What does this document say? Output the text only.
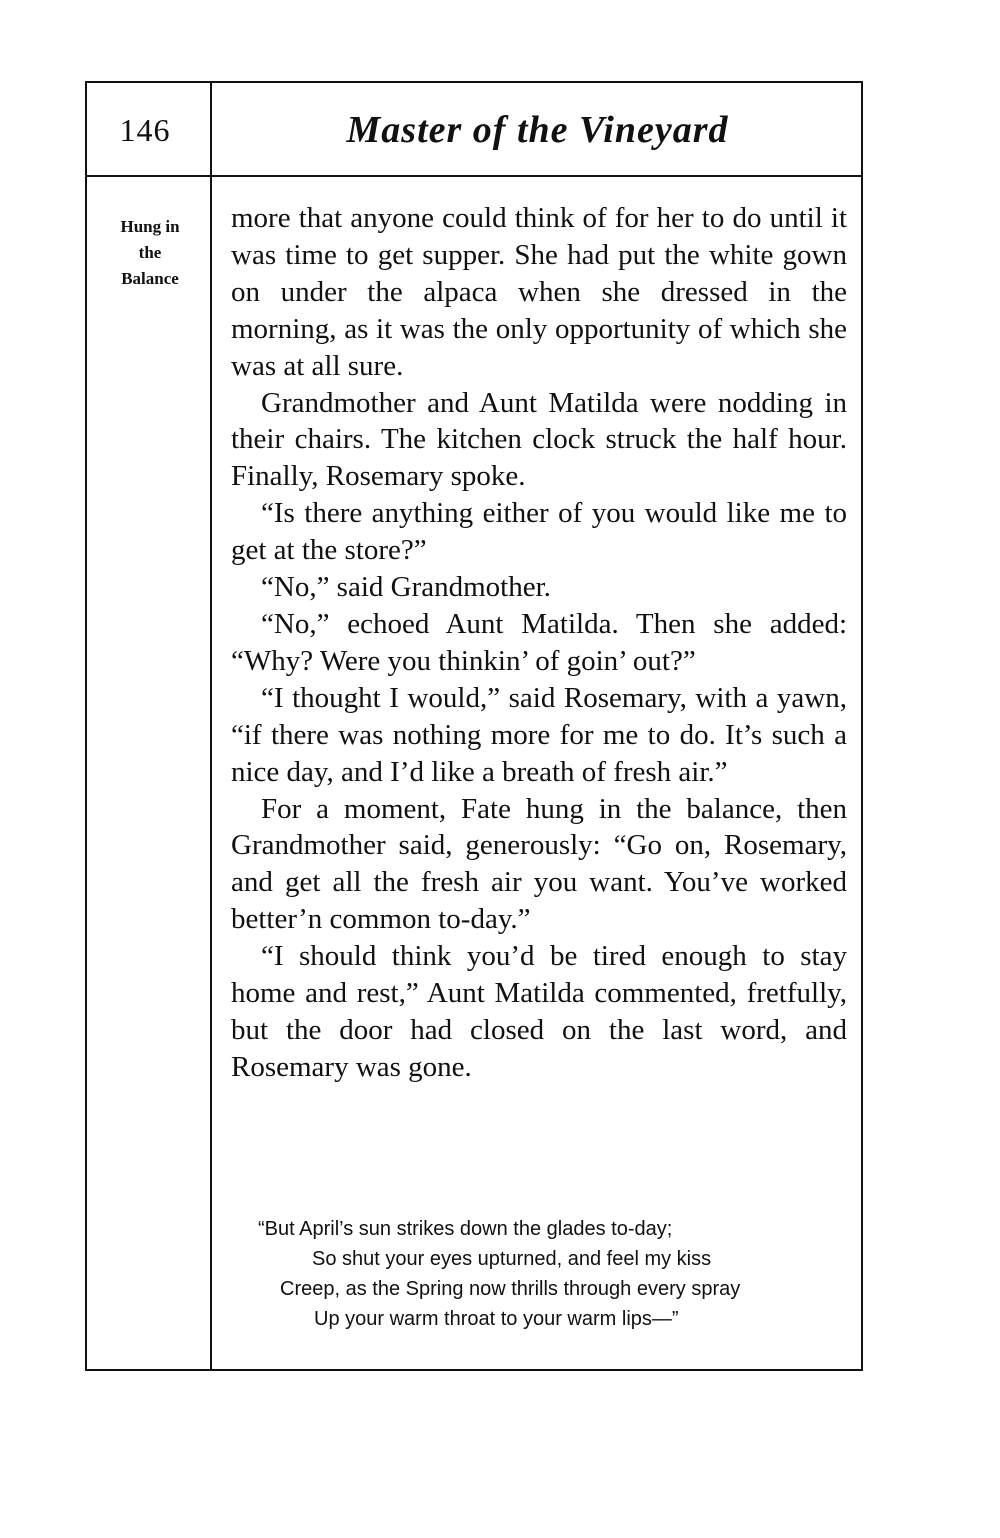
146	Master of the Vineyard
Hung in
the
Balance

more that anyone could think of for her to do until it was time to get supper. She had put the white gown on under the alpaca when she dressed in the morning, as it was the only opportunity of which she was at all sure.

Grandmother and Aunt Matilda were nodding in their chairs. The kitchen clock struck the half hour. Finally, Rosemary spoke.

“Is there anything either of you would like me to get at the store?”

“No,” said Grandmother.

“No,” echoed Aunt Matilda. Then she added: “Why? Were you thinkin’ of goin’ out?”

“I thought I would,” said Rosemary, with a yawn, “if there was nothing more for me to do. It’s such a nice day, and I’d like a breath of fresh air.”

For a moment, Fate hung in the balance, then Grandmother said, generously: “Go on, Rosemary, and get all the fresh air you want. You’ve worked better’n common to-day.”

“I should think you’d be tired enough to stay home and rest,” Aunt Matilda commented, fretfully, but the door had closed on the last word, and Rosemary was gone.

“But April’s sun strikes down the glades to-day;
So shut your eyes upturned, and feel my kiss
Creep, as the Spring now thrills through every spray
Up your warm throat to your warm lips—”
